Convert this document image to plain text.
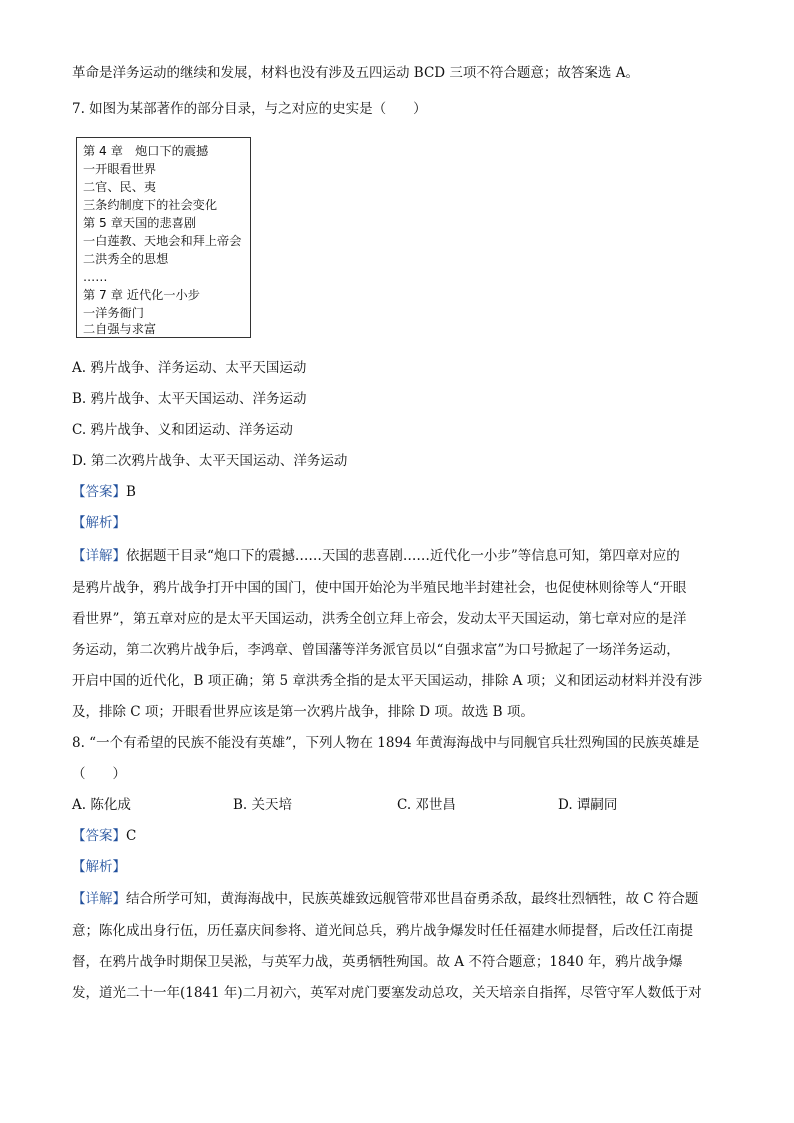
革命是洋务运动的继续和发展，材料也没有涉及五四运动 BCD 三项不符合题意；故答案选 A。
7. 如图为某部著作的部分目录，与之对应的史实是（　　）
第 4 章　炮口下的震撼
一开眼看世界
二官、民、夷
三条约制度下的社会变化
第 5 章天国的悲喜剧
一白莲教、天地会和拜上帝会
二洪秀全的思想
……
第 7 章 近代化一小步
一洋务衙门
二自强与求富
A. 鸦片战争、洋务运动、太平天国运动
B. 鸦片战争、太平天国运动、洋务运动
C. 鸦片战争、义和团运动、洋务运动
D. 第二次鸦片战争、太平天国运动、洋务运动
【答案】B
【解析】
【详解】依据题干目录“炮口下的震撼……天国的悲喜剧……近代化一小步”等信息可知，第四章对应的
是鸦片战争，鸦片战争打开中国的国门，使中国开始沦为半殖民地半封建社会，也促使林则徐等人“开眼
看世界”，第五章对应的是太平天国运动，洪秀全创立拜上帝会，发动太平天国运动，第七章对应的是洋
务运动，第二次鸦片战争后，李鸿章、曾国藩等洋务派官员以“自强求富”为口号掀起了一场洋务运动，
开启中国的近代化，B 项正确；第 5 章洪秀全指的是太平天国运动，排除 A 项；义和团运动材料并没有涉
及，排除 C 项；开眼看世界应该是第一次鸦片战争，排除 D 项。故选 B 项。
8. “一个有希望的民族不能没有英雄”，下列人物在 1894 年黄海海战中与同舰官兵壮烈殉国的民族英雄是
（　　）
A. 陈化成	B. 关天培	C. 邓世昌	D. 谭嗣同
【答案】C
【解析】
【详解】结合所学可知，黄海海战中，民族英雄致远舰管带邓世昌奋勇杀敌，最终壮烈牺牲，故 C 符合题
意；陈化成出身行伍，历任嘉庆间参将、道光间总兵，鸦片战争爆发时任任福建水师提督，后改任江南提
督，在鸦片战争时期保卫吴淞，与英军力战，英勇牺牲殉国。故 A 不符合题意；1840 年，鸦片战争爆
发，道光二十一年(1841 年)二月初六，英军对虎门要塞发动总攻，关天培亲自指挥，尽管守军人数低于对
